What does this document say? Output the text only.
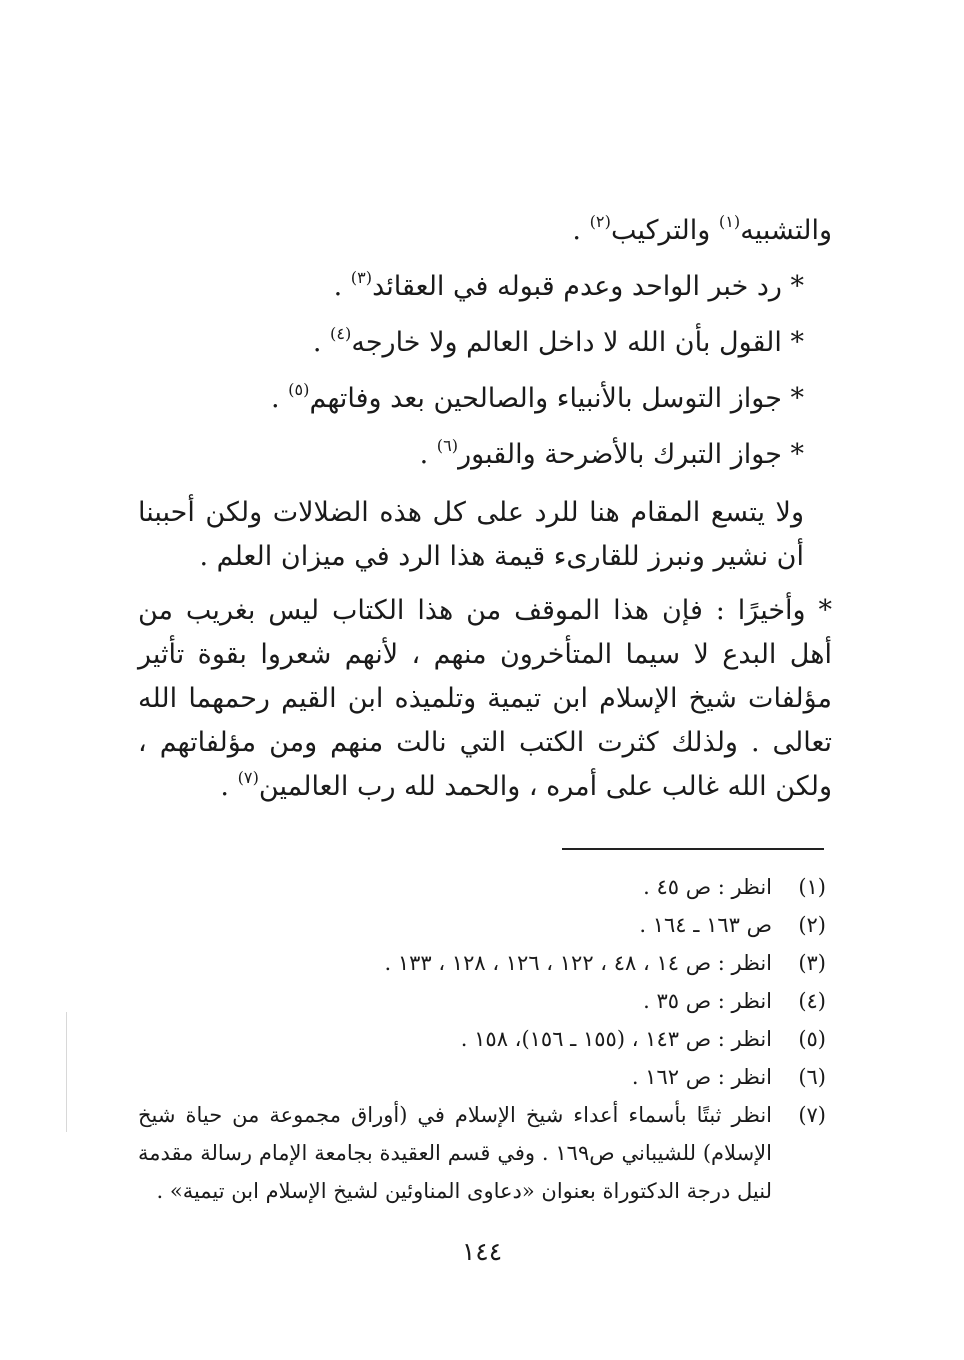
والتشبيه$^{(١)}$ والتركيب$^{(٢)}$ .

* رد خبر الواحد وعدم قبوله في العقائد$^{(٣)}$ .

* القول بأن الله لا داخل العالم ولا خارجه$^{(٤)}$ .

* جواز التوسل بالأنبياء والصالحين بعد وفاتهم$^{(٥)}$ .

* جواز التبرك بالأضرحة والقبور$^{(٦)}$ .

ولا يتسع المقام هنا للرد على كل هذه الضلالات ولكن أحببنا أن نشير ونبرز للقارىء قيمة هذا الرد في ميزان العلم .

* وأخيرًا : فإن هذا الموقف من هذا الكتاب ليس بغريب من أهل البدع لا سيما المتأخرون منهم ، لأنهم شعروا بقوة تأثير مؤلفات شيخ الإسلام ابن تيمية وتلميذه ابن القيم رحمهما الله تعالى . ولذلك كثرت الكتب التي نالت منهم ومن مؤلفاتهم ، ولكن الله غالب على أمره ، والحمد لله رب العالمين$^{(٧)}$ .

(١)
انظر : ص ٤٥ .

(٢)
ص ١٦٣ ـ ١٦٤ .

(٣)
انظر : ص ١٤ ، ٤٨ ، ١٢٢ ، ١٢٦ ، ١٢٨ ، ١٣٣ .

(٤)
انظر : ص ٣٥ .

(٥)
انظر : ص ١٤٣ ، (١٥٥ ـ ١٥٦)، ١٥٨ .

(٦)
انظر : ص ١٦٢ .

(٧)
انظر ثبتًا بأسماء أعداء شيخ الإسلام في (أوراق مجموعة من حياة شيخ الإسلام) للشيباني ص١٦٩ . وفي قسم العقيدة بجامعة الإمام رسالة مقدمة لنيل درجة الدكتوراة بعنوان «دعاوى المناوئين لشيخ الإسلام ابن تيمية» .

١٤٤
